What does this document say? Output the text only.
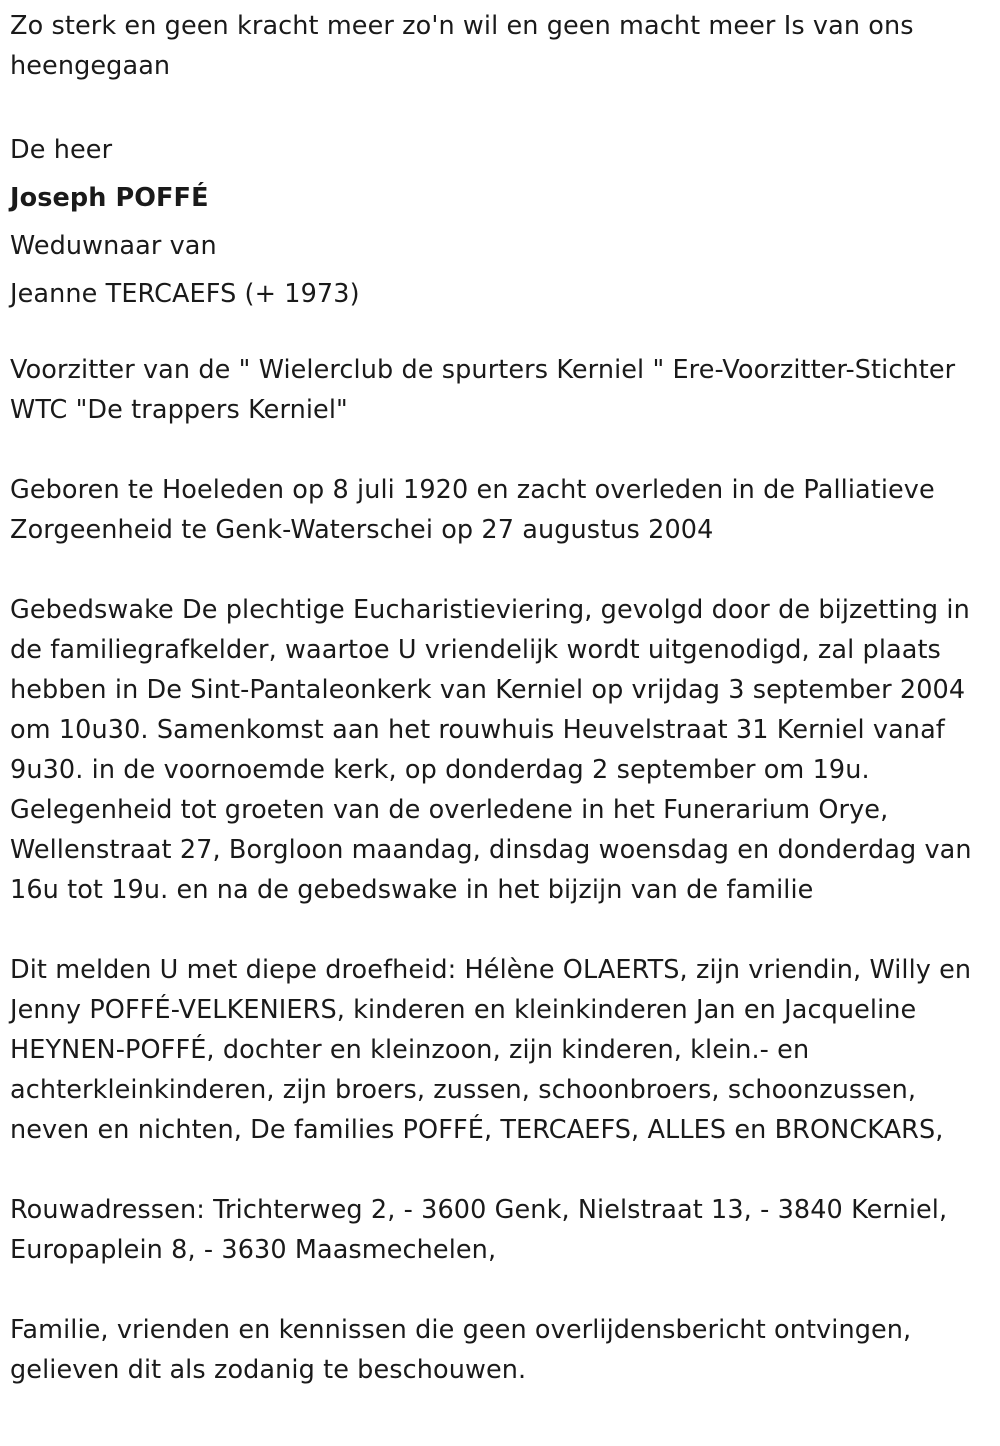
Zo sterk en geen kracht meer zo'n wil en geen macht meer Is van ons heengegaan

De heer
Joseph POFFÉ
Weduwnaar van
Jeanne TERCAEFS (+ 1973)

Voorzitter van de " Wielerclub de spurters Kerniel " Ere-Voorzitter-Stichter WTC "De trappers Kerniel"

Geboren te Hoeleden op 8 juli 1920 en zacht overleden in de Palliatieve Zorgeenheid te Genk-Waterschei op 27 augustus 2004

Gebedswake De plechtige Eucharistieviering, gevolgd door de bijzetting in de familiegrafkelder, waartoe U vriendelijk wordt uitgenodigd, zal plaats hebben in De Sint-Pantaleonkerk van Kerniel op vrijdag 3 september 2004 om 10u30. Samenkomst aan het rouwhuis Heuvelstraat 31 Kerniel vanaf 9u30. in de voornoemde kerk, op donderdag 2 september om 19u. Gelegenheid tot groeten van de overledene in het Funerarium Orye, Wellenstraat 27, Borgloon maandag, dinsdag woensdag en donderdag van 16u tot 19u. en na de gebedswake in het bijzijn van de familie

Dit melden U met diepe droefheid: Hélène OLAERTS, zijn vriendin, Willy en Jenny POFFÉ-VELKENIERS, kinderen en kleinkinderen Jan en Jacqueline HEYNEN-POFFÉ, dochter en kleinzoon, zijn kinderen, klein.- en achterkleinkinderen, zijn broers, zussen, schoonbroers, schoonzussen, neven en nichten, De families POFFÉ, TERCAEFS, ALLES en BRONCKARS,

Rouwadressen: Trichterweg 2, - 3600 Genk, Nielstraat 13, - 3840 Kerniel, Europaplein 8, - 3630 Maasmechelen,

Familie, vrienden en kennissen die geen overlijdensbericht ontvingen, gelieven dit als zodanig te beschouwen.
